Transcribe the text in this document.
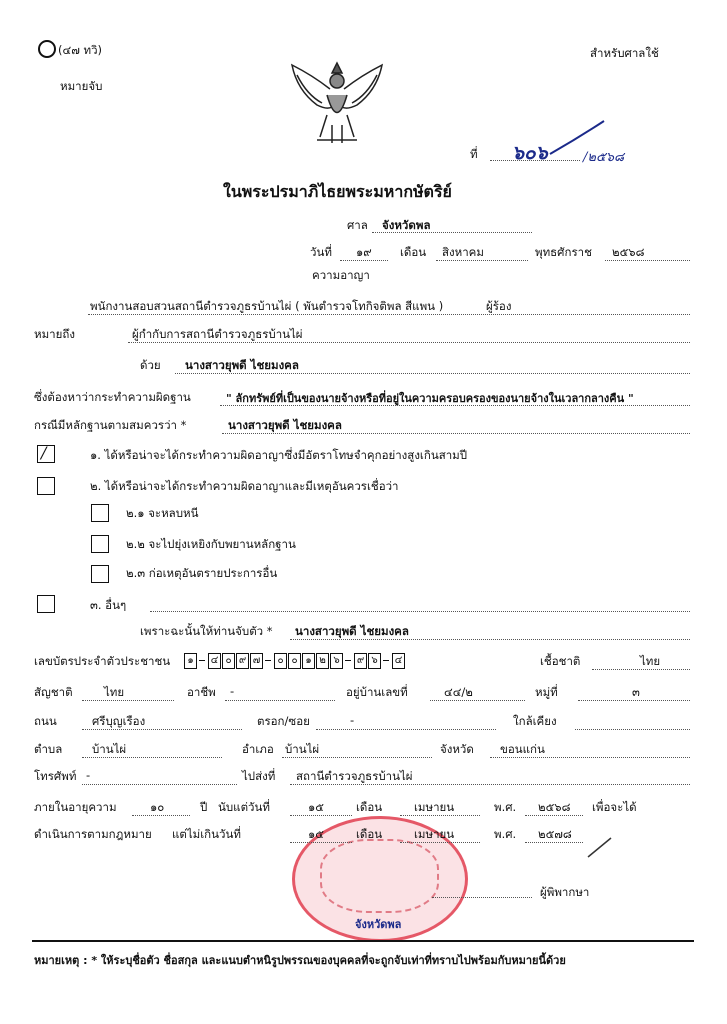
(๔๗ ทวิ)
หมายจับ
สำหรับศาลใช้
ที่ ๖๐๖	/๒๕๖๘
ในพระปรมาภิไธยพระมหากษัตริย์
ศาล จังหวัดพล
วันที่ ๑๙ เดือน สิงหาคม	พุทธศักราช ๒๕๖๘
ความอาญา
พนักงานสอบสวนสถานีตำรวจภูธรบ้านไผ่ ( พันตำรวจโทกิจติพล สีแพน )	ผู้ร้อง
หมายถึง	ผู้กำกับการสถานีตำรวจภูธรบ้านไผ่
ด้วย นางสาวยุพดี ไชยมงคล
ซึ่งต้องหาว่ากระทำความผิดฐาน	" ลักทรัพย์ที่เป็นของนายจ้างหรือที่อยู่ในความครอบครองของนายจ้างในเวลากลางคืน "
กรณีมีหลักฐานตามสมควรว่า *	นางสาวยุพดี ไชยมงคล
/	๑. ได้หรือน่าจะได้กระทำความผิดอาญาซึ่งมีอัตราโทษจำคุกอย่างสูงเกินสามปี
๒. ได้หรือน่าจะได้กระทำความผิดอาญาและมีเหตุอันควรเชื่อว่า
๒.๑ จะหลบหนี
๒.๒ จะไปยุ่งเหยิงกับพยานหลักฐาน
๒.๓ ก่อเหตุอันตรายประการอื่น
๓. อื่นๆ
เพราะฉะนั้นให้ท่านจับตัว * นางสาวยุพดี ไชยมงคล
เลขบัตรประจำตัวประชาชน	๑	๔ ๐ ๙ ๗	๐ ๐ ๑ ๒ ๖	๙ ๖	๔	เชื้อชาติ	ไทย
สัญชาติ	ไทย	อาชีพ -	อยู่บ้านเลขที่	๔๔/๒	หมู่ที่	๓
ถนน	ศรีบุญเรือง	ตรอก/ซอย	-	ใกล้เคียง
ตำบล	บ้านไผ่	อำเภอ บ้านไผ่	จังหวัด ขอนแก่น
โทรศัพท์ -	ไปส่งที่ สถานีตำรวจภูธรบ้านไผ่
จังหวัดพล
ภายในอายุความ	๑๐	ปี นับแต่วันที่	๑๕	เดือน	เมษายน	พ.ศ. ๒๕๖๘ เพื่อจะได้
ดำเนินการตามกฎหมาย แต่ไม่เกินวันที่	๑๕	เดือน	เมษายน	พ.ศ. ๒๕๗๘
ผู้พิพากษา
หมายเหตุ : * ให้ระบุชื่อตัว ชื่อสกุล และแนบตำหนิรูปพรรณของบุคคลที่จะถูกจับเท่าที่ทราบไปพร้อมกับหมายนี้ด้วย
